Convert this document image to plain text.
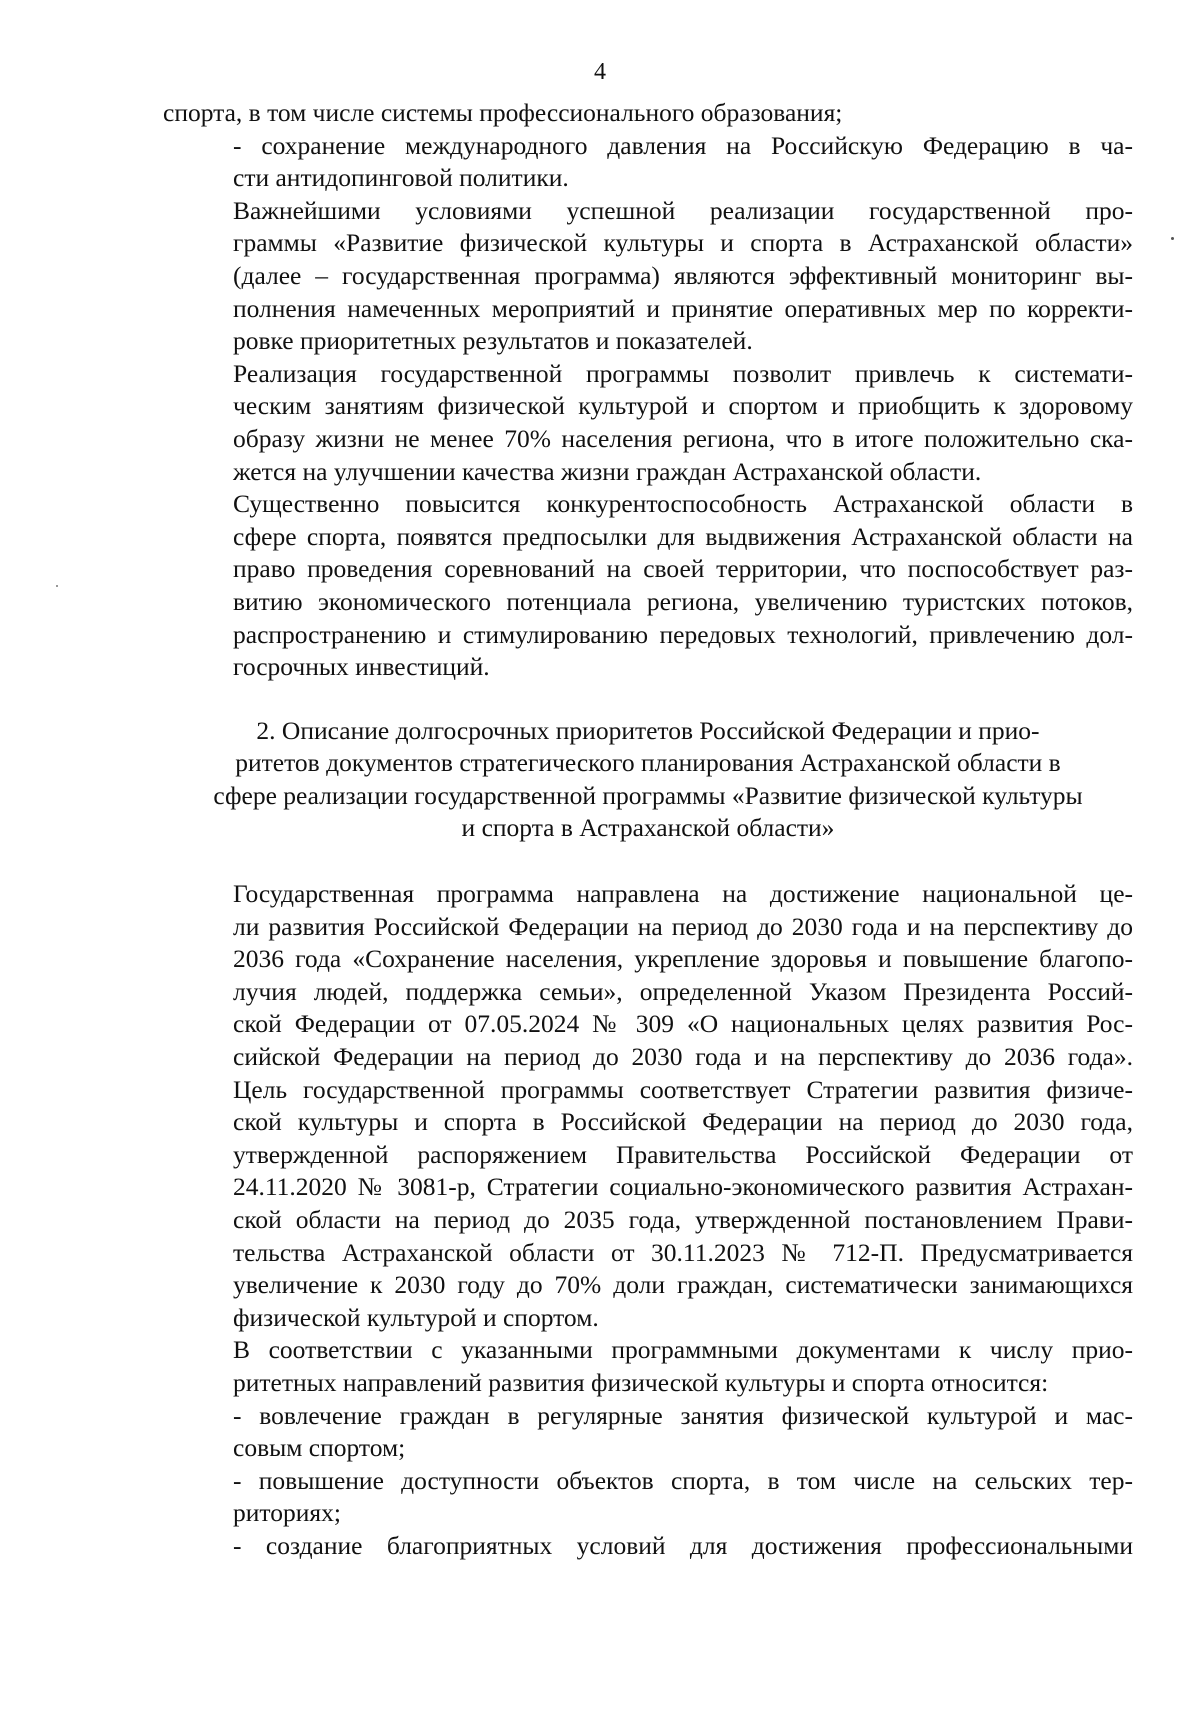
4

спорта, в том числе системы профессионального образования;

- сохранение международного давления на Российскую Федерацию в ча-
сти антидопинговой политики.

Важнейшими условиями успешной реализации государственной про-
граммы «Развитие физической культуры и спорта в Астраханской области»
(далее – государственная программа) являются эффективный мониторинг вы-
полнения намеченных мероприятий и принятие оперативных мер по корректи-
ровке приоритетных результатов и показателей.

Реализация государственной программы позволит привлечь к системати-
ческим занятиям физической культурой и спортом и приобщить к здоровому
образу жизни не менее 70% населения региона, что в итоге положительно ска-
жется на улучшении качества жизни граждан Астраханской области.

Существенно повысится конкурентоспособность Астраханской области в
сфере спорта, появятся предпосылки для выдвижения Астраханской области на
право проведения соревнований на своей территории, что поспособствует раз-
витию экономического потенциала региона, увеличению туристских потоков,
распространению и стимулированию передовых технологий, привлечению дол-
госрочных инвестиций.

2. Описание долгосрочных приоритетов Российской Федерации и прио-
ритетов документов стратегического планирования Астраханской области в
сфере реализации государственной программы «Развитие физической культуры
и спорта в Астраханской области»

Государственная программа направлена на достижение национальной це-
ли развития Российской Федерации на период до 2030 года и на перспективу до
2036 года «Сохранение населения, укрепление здоровья и повышение благопо-
лучия людей, поддержка семьи», определенной Указом Президента Россий-
ской Федерации от 07.05.2024 № 309 «О национальных целях развития Рос-
сийской Федерации на период до 2030 года и на перспективу до 2036 года».
Цель государственной программы соответствует Стратегии развития физиче-
ской культуры и спорта в Российской Федерации на период до 2030 года,
утвержденной распоряжением Правительства Российской Федерации от
24.11.2020 № 3081-р, Стратегии социально-экономического развития Астрахан-
ской области на период до 2035 года, утвержденной постановлением Прави-
тельства Астраханской области от 30.11.2023 № 712-П. Предусматривается
увеличение к 2030 году до 70% доли граждан, систематически занимающихся
физической культурой и спортом.

В соответствии с указанными программными документами к числу прио-
ритетных направлений развития физической культуры и спорта относится:

- вовлечение граждан в регулярные занятия физической культурой и мас-
совым спортом;

- повышение доступности объектов спорта, в том числе на сельских тер-
риториях;

- создание благоприятных условий для достижения профессиональными
